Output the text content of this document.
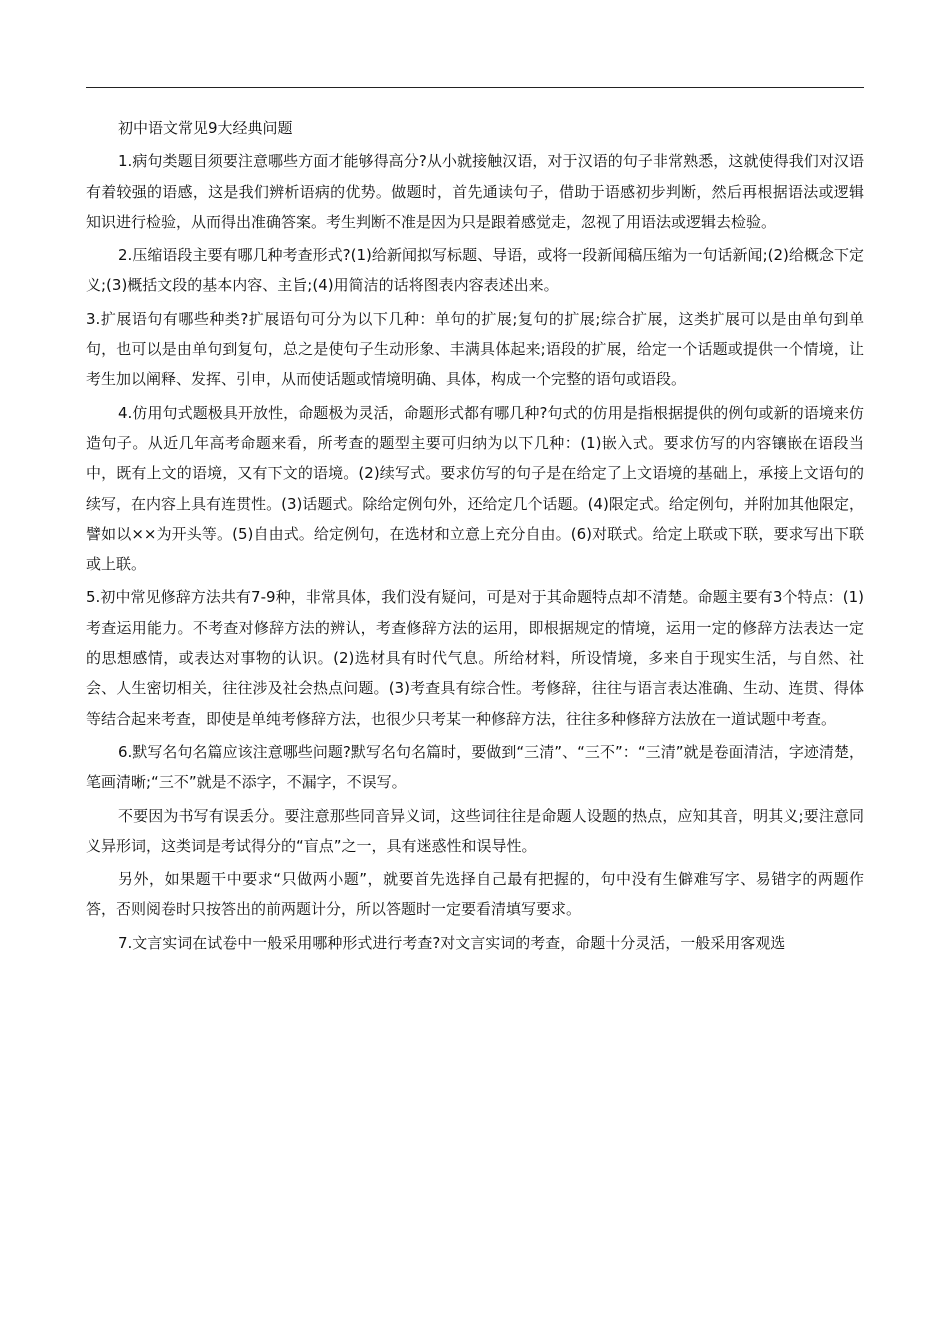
初中语文常见9大经典问题

1.病句类题目须要注意哪些方面才能够得高分?从小就接触汉语，对于汉语的句子非常熟悉，这就使得我们对汉语有着较强的语感，这是我们辨析语病的优势。做题时，首先通读句子，借助于语感初步判断，然后再根据语法或逻辑知识进行检验，从而得出准确答案。考生判断不准是因为只是跟着感觉走，忽视了用语法或逻辑去检验。

2.压缩语段主要有哪几种考查形式?(1)给新闻拟写标题、导语，或将一段新闻稿压缩为一句话新闻;(2)给概念下定义;(3)概括文段的基本内容、主旨;(4)用简洁的话将图表内容表述出来。

3.扩展语句有哪些种类?扩展语句可分为以下几种：单句的扩展;复句的扩展;综合扩展，这类扩展可以是由单句到单句，也可以是由单句到复句，总之是使句子生动形象、丰满具体起来;语段的扩展，给定一个话题或提供一个情境，让考生加以阐释、发挥、引申，从而使话题或情境明确、具体，构成一个完整的语句或语段。

4.仿用句式题极具开放性，命题极为灵活，命题形式都有哪几种?句式的仿用是指根据提供的例句或新的语境来仿造句子。从近几年高考命题来看，所考查的题型主要可归纳为以下几种：(1)嵌入式。要求仿写的内容镶嵌在语段当中，既有上文的语境，又有下文的语境。(2)续写式。要求仿写的句子是在给定了上文语境的基础上，承接上文语句的续写，在内容上具有连贯性。(3)话题式。除给定例句外，还给定几个话题。(4)限定式。给定例句，并附加其他限定，譬如以××为开头等。(5)自由式。给定例句，在选材和立意上充分自由。(6)对联式。给定上联或下联，要求写出下联或上联。

5.初中常见修辞方法共有7-9种，非常具体，我们没有疑问，可是对于其命题特点却不清楚。命题主要有3个特点：(1)考查运用能力。不考查对修辞方法的辨认，考查修辞方法的运用，即根据规定的情境，运用一定的修辞方法表达一定的思想感情，或表达对事物的认识。(2)选材具有时代气息。所给材料，所设情境，多来自于现实生活，与自然、社会、人生密切相关，往往涉及社会热点问题。(3)考查具有综合性。考修辞，往往与语言表达准确、生动、连贯、得体等结合起来考查，即使是单纯考修辞方法，也很少只考某一种修辞方法，往往多种修辞方法放在一道试题中考查。

6.默写名句名篇应该注意哪些问题?默写名句名篇时，要做到“三清”、“三不”：“三清”就是卷面清洁，字迹清楚，笔画清晰;“三不”就是不添字，不漏字，不误写。

不要因为书写有误丢分。要注意那些同音异义词，这些词往往是命题人设题的热点，应知其音，明其义;要注意同义异形词，这类词是考试得分的“盲点”之一，具有迷惑性和误导性。

另外，如果题干中要求“只做两小题”，就要首先选择自己最有把握的，句中没有生僻难写字、易错字的两题作答，否则阅卷时只按答出的前两题计分，所以答题时一定要看清填写要求。

7.文言实词在试卷中一般采用哪种形式进行考查?对文言实词的考查，命题十分灵活，一般采用客观选
